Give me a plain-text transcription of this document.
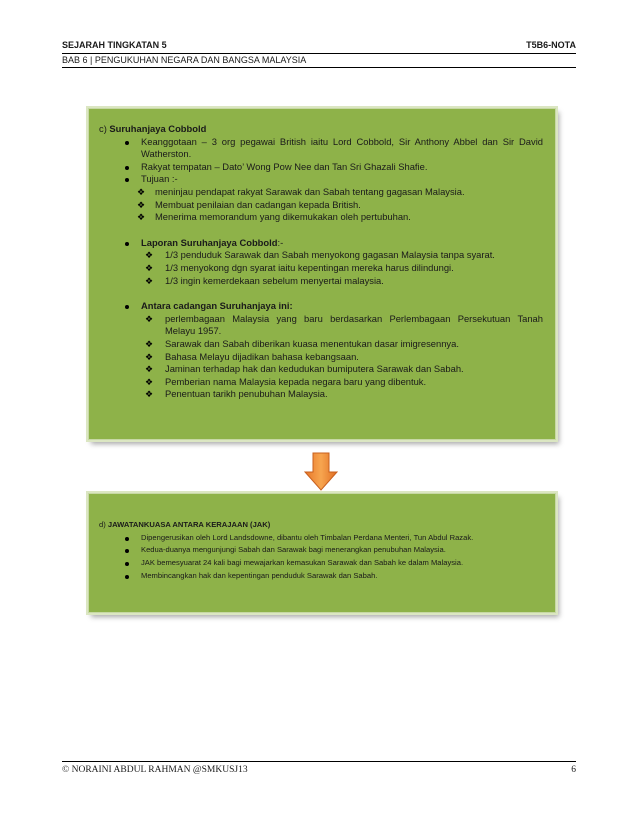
SEJARAH TINGKATAN 5	T5B6-NOTA
BAB 6 | PENGUKUHAN NEGARA DAN BANGSA MALAYSIA

c) Suruhanjaya Cobbold

Keanggotaan – 3 org pegawai British iaitu Lord Cobbold, Sir Anthony Abbel dan Sir David Watherston.
Rakyat tempatan – Dato’ Wong Pow Nee dan Tan Sri Ghazali Shafie.
Tujuan :-
❖ meninjau pendapat rakyat Sarawak dan Sabah tentang gagasan Malaysia.
❖ Membuat penilaian dan cadangan kepada British.
❖ Menerima memorandum yang dikemukakan oleh pertubuhan.
Laporan Suruhanjaya Cobbold:-
❖ 1/3 penduduk Sarawak dan Sabah menyokong gagasan Malaysia tanpa syarat.
❖ 1/3 menyokong dgn syarat iaitu kepentingan mereka harus dilindungi.
❖ 1/3 ingin kemerdekaan sebelum menyertai malaysia.
Antara cadangan Suruhanjaya ini:
❖ perlembagaan Malaysia yang baru berdasarkan Perlembagaan Persekutuan Tanah Melayu 1957.
❖ Sarawak dan Sabah diberikan kuasa menentukan dasar imigresennya.
❖ Bahasa Melayu dijadikan bahasa kebangsaan.
❖ Jaminan terhadap hak dan kedudukan bumiputera Sarawak dan Sabah.
❖ Pemberian nama Malaysia kepada negara baru yang dibentuk.
❖ Penentuan tarikh penubuhan Malaysia.

d) JAWATANKUASA ANTARA KERAJAAN (JAK)

Dipengerusikan oleh Lord Landsdowne, dibantu oleh Timbalan Perdana Menteri, Tun Abdul Razak.
Kedua-duanya mengunjungi Sabah dan Sarawak bagi menerangkan penubuhan Malaysia.
JAK bemesyuarat 24 kali bagi mewajarkan kemasukan Sarawak dan Sabah ke dalam Malaysia.
Membincangkan hak dan kepentingan penduduk Sarawak dan Sabah.
© NORAINI ABDUL RAHMAN @SMKUSJ13	6
